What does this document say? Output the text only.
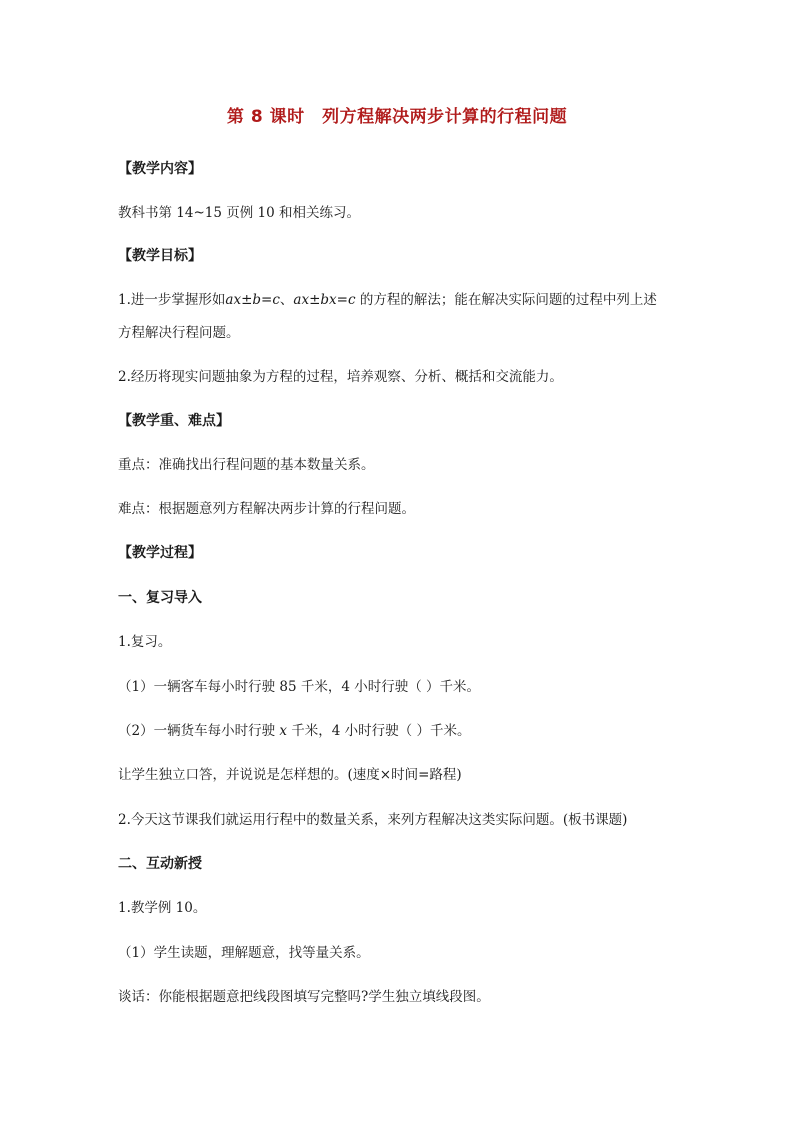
第 8 课时　列方程解决两步计算的行程问题
【教学内容】
教科书第 14~15 页例 10 和相关练习。
【教学目标】
1.进一步掌握形如ax±b=c、ax±bx=c 的方程的解法；能在解决实际问题的过程中列上述
方程解决行程问题。
2.经历将现实问题抽象为方程的过程，培养观察、分析、概括和交流能力。
【教学重、难点】
重点：准确找出行程问题的基本数量关系。
难点：根据题意列方程解决两步计算的行程问题。
【教学过程】
一、复习导入
1.复习。
（1）一辆客车每小时行驶 85 千米，4 小时行驶（ ）千米。
（2）一辆货车每小时行驶 x 千米，4 小时行驶（ ）千米。
让学生独立口答，并说说是怎样想的。(速度×时间=路程)
2.今天这节课我们就运用行程中的数量关系，来列方程解决这类实际问题。(板书课题)
二、互动新授
1.教学例 10。
（1）学生读题，理解题意，找等量关系。
谈话：你能根据题意把线段图填写完整吗?学生独立填线段图。
